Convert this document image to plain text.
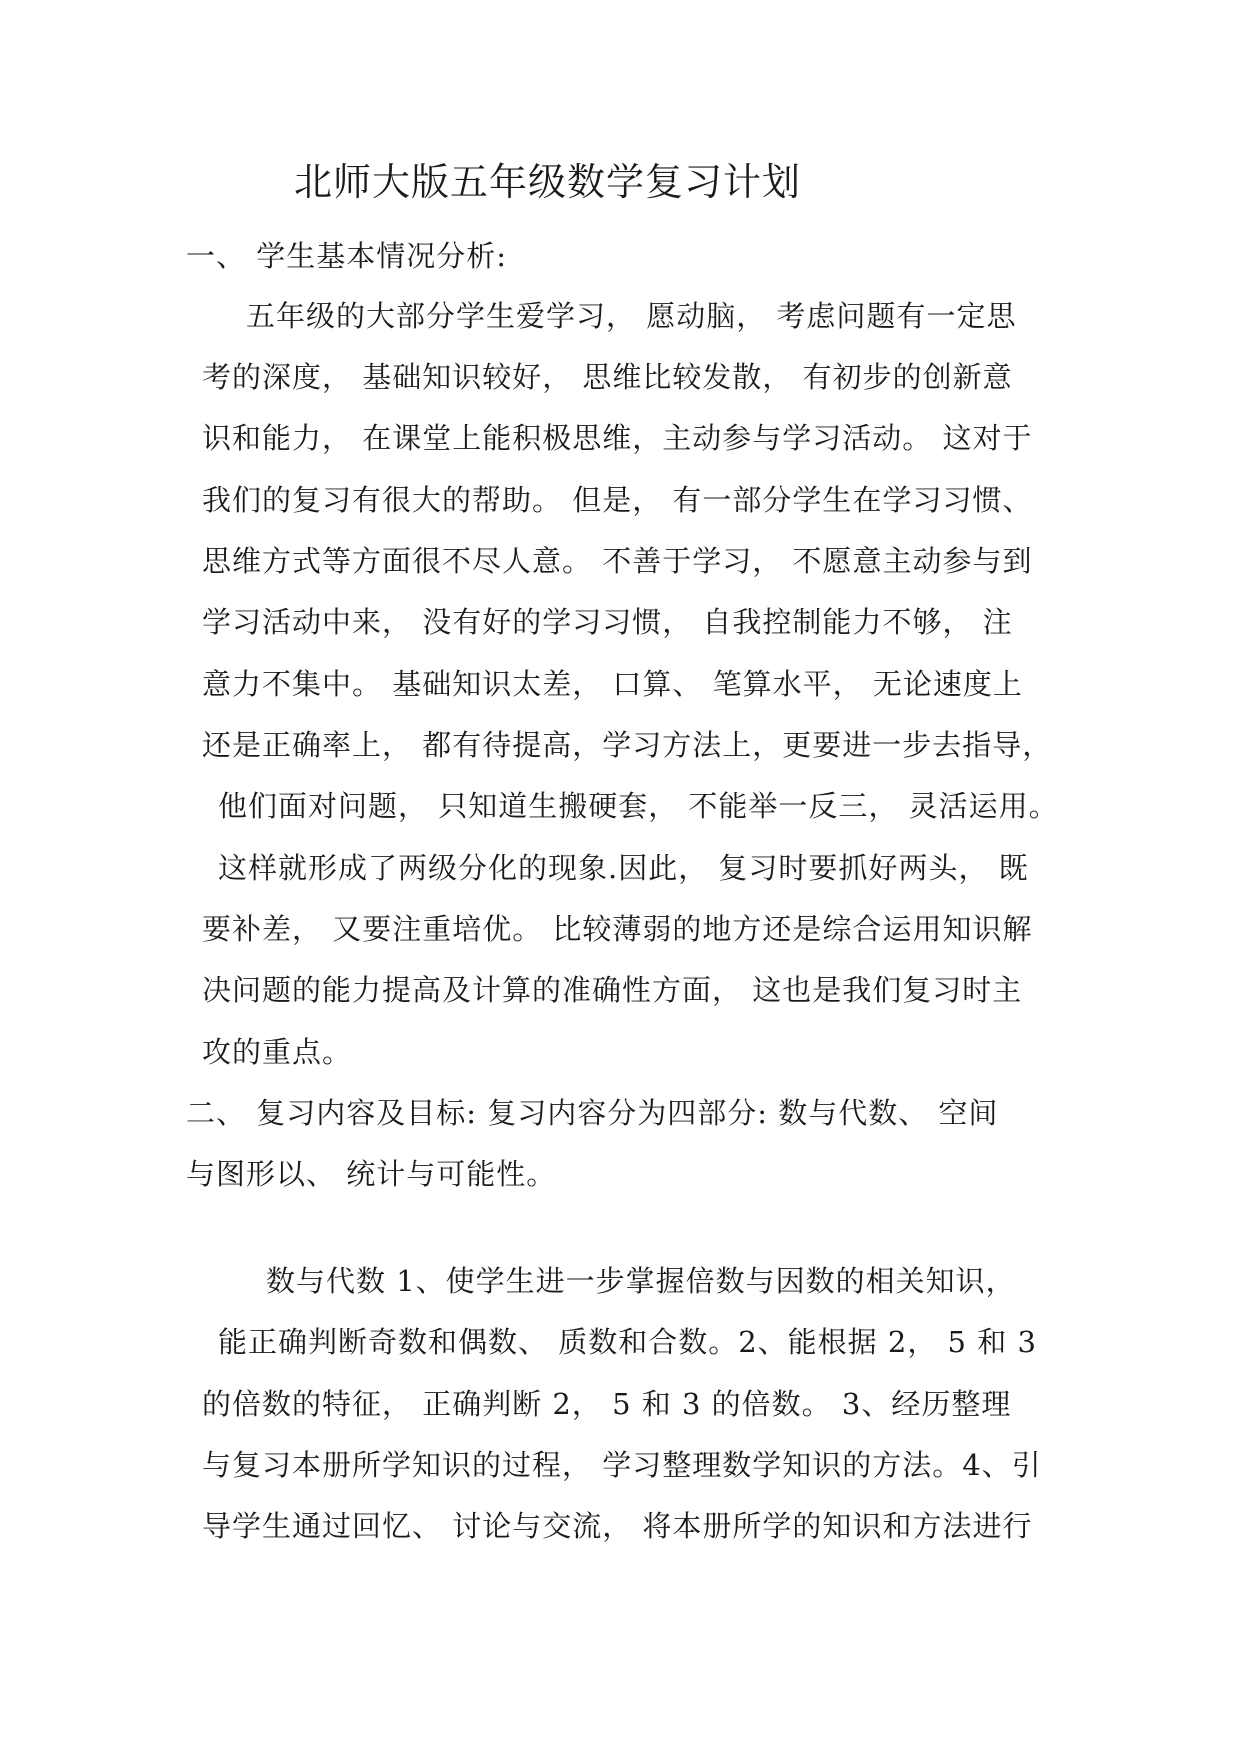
北师大版五年级数学复习计划
一、 学生基本情况分析:
五年级的大部分学生爱学习， 愿动脑， 考虑问题有一定思
考的深度， 基础知识较好， 思维比较发散， 有初步的创新意
识和能力， 在课堂上能积极思维，主动参与学习活动。 这对于
我们的复习有很大的帮助。 但是， 有一部分学生在学习习惯、
思维方式等方面很不尽人意。 不善于学习， 不愿意主动参与到
学习活动中来， 没有好的学习习惯， 自我控制能力不够， 注
意力不集中。 基础知识太差， 口算、 笔算水平， 无论速度上
还是正确率上， 都有待提高，学习方法上，更要进一步去指导，
他们面对问题， 只知道生搬硬套， 不能举一反三， 灵活运用。
这样就形成了两级分化的现象.因此， 复习时要抓好两头， 既
要补差， 又要注重培优。 比较薄弱的地方还是综合运用知识解
决问题的能力提高及计算的准确性方面， 这也是我们复习时主
攻的重点。
二、 复习内容及目标: 复习内容分为四部分: 数与代数、 空间
与图形以、 统计与可能性。
数与代数 1、使学生进一步掌握倍数与因数的相关知识，
能正确判断奇数和偶数、 质数和合数。2、能根据 2， 5 和 3
的倍数的特征， 正确判断 2， 5 和 3 的倍数。 3、经历整理
与复习本册所学知识的过程， 学习整理数学知识的方法。4、引
导学生通过回忆、 讨论与交流， 将本册所学的知识和方法进行
